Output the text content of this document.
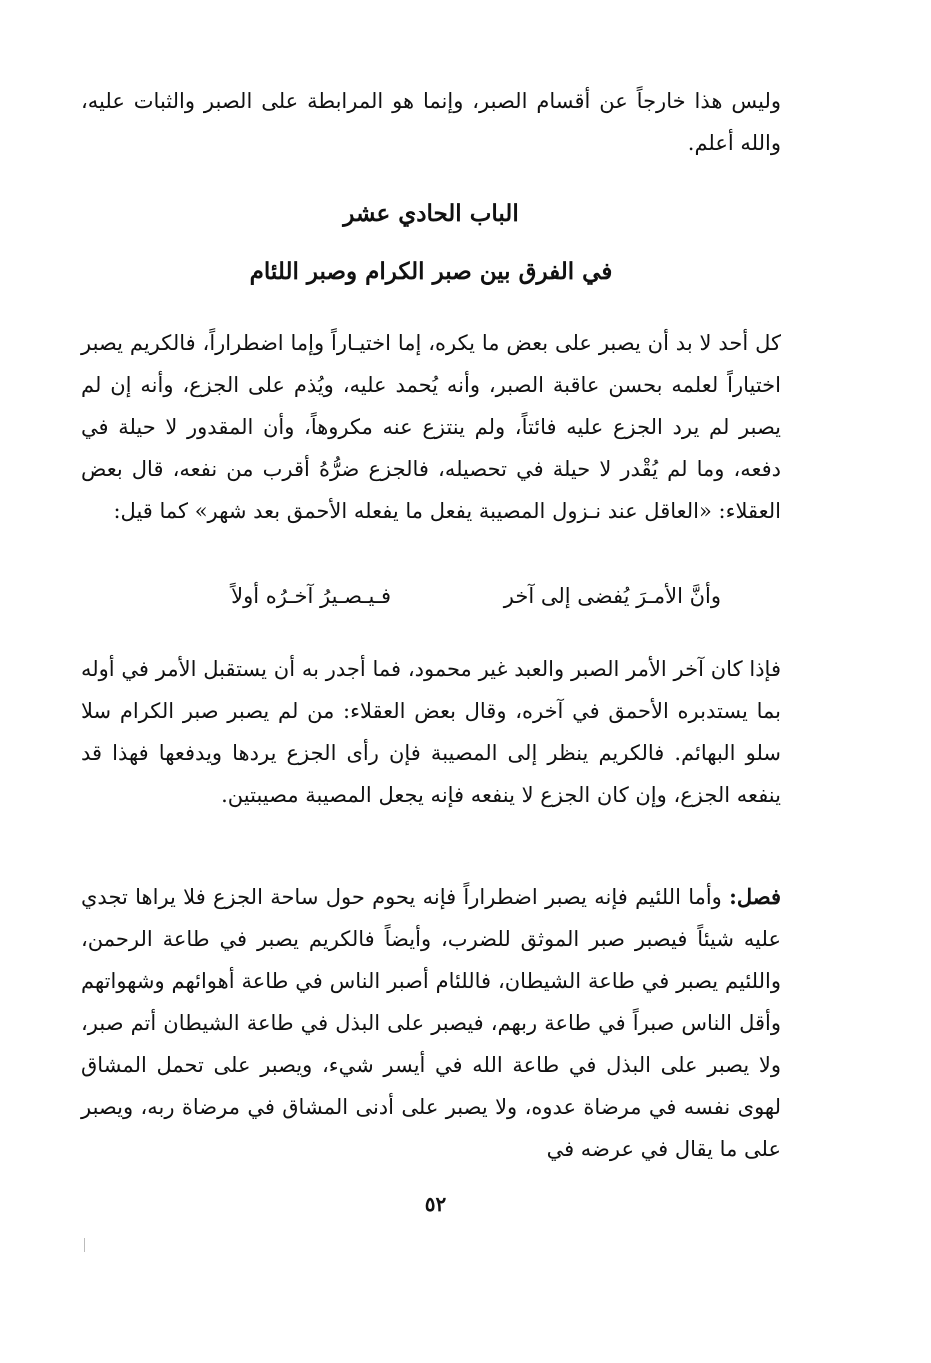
وليس هذا خارجاً عن أقسام الصبر، وإنما هو المرابطة على الصبر والثبات عليه، والله أعلم.

الباب الحادي عشر
في الفرق بين صبر الكرام وصبر اللئام

كل أحد لا بد أن يصبر على بعض ما يكره، إما اختيـاراً وإما اضطراراً، فالكريم يصبر اختياراً لعلمه بحسن عاقبة الصبر، وأنه يُحمد عليه، ويُذم على الجزع، وأنه إن لم يصبر لم يرد الجزع عليه فائتاً، ولم ينتزع عنه مكروهاً، وأن المقدور لا حيلة في دفعه، وما لم يُقْدر لا حيلة في تحصيله، فالجزع ضرُّهُ أقرب من نفعه، قال بعض العقلاء: «العاقل عند نـزول المصيبة يفعل ما يفعله الأحمق بعد شهر» كما قيل:

وأنَّ الأمـرَ يُفضى إلى آخر
فـيـصـيرُ آخـرُه أولاً

فإذا كان آخر الأمر الصبر والعبد غير محمود، فما أجدر به أن يستقبل الأمر في أوله بما يستدبره الأحمق في آخره، وقال بعض العقلاء: من لم يصبر صبر الكرام سلا سلو البهائم. فالكريم ينظر إلى المصيبة فإن رأى الجزع يردها ويدفعها فهذا قد ينفعه الجزع، وإن كان الجزع لا ينفعه فإنه يجعل المصيبة مصيبتين.

فصل: وأما اللئيم فإنه يصبر اضطراراً فإنه يحوم حول ساحة الجزع فلا يراها تجدي عليه شيئاً فيصبر صبر الموثق للضرب، وأيضاً فالكريم يصبر في طاعة الرحمن، واللئيم يصبر في طاعة الشيطان، فاللئام أصبر الناس في طاعة أهوائهم وشهواتهم وأقل الناس صبراً في طاعة ربهم، فيصبر على البذل في طاعة الشيطان أتم صبر، ولا يصبر على البذل في طاعة الله في أيسر شيء، ويصبر على تحمل المشاق لهوى نفسه في مرضاة عدوه، ولا يصبر على أدنى المشاق في مرضاة ربه، ويصبر على ما يقال في عرضه في

٥٢
